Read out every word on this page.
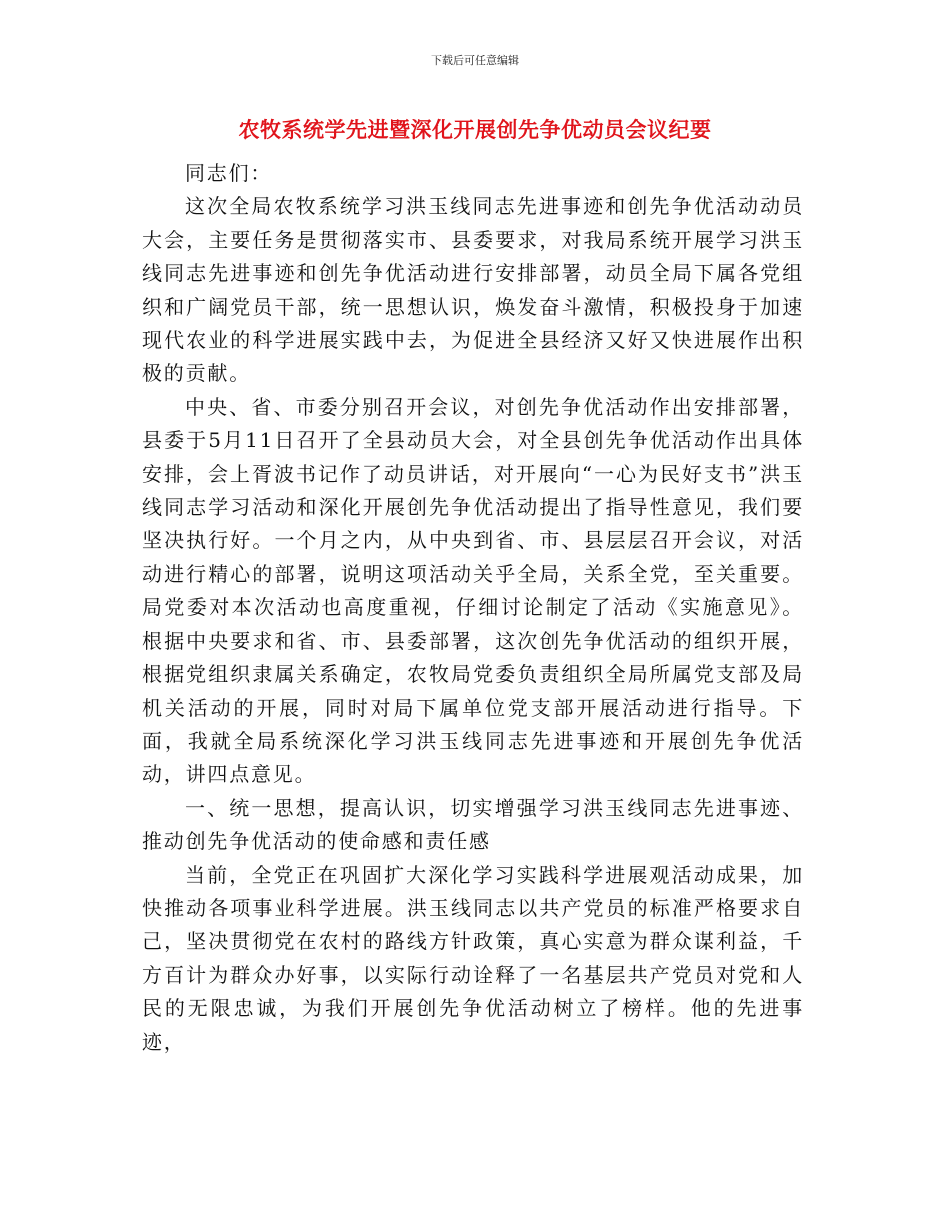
下载后可任意编辑
农牧系统学先进暨深化开展创先争优动员会议纪要

同志们：

这次全局农牧系统学习洪玉线同志先进事迹和创先争优活动动员大会，主要任务是贯彻落实市、县委要求，对我局系统开展学习洪玉线同志先进事迹和创先争优活动进行安排部署，动员全局下属各党组织和广阔党员干部，统一思想认识，焕发奋斗激情，积极投身于加速现代农业的科学进展实践中去，为促进全县经济又好又快进展作出积极的贡献。

中央、省、市委分别召开会议，对创先争优活动作出安排部署，县委于5月11日召开了全县动员大会，对全县创先争优活动作出具体安排，会上胥波书记作了动员讲话，对开展向“一心为民好支书”洪玉线同志学习活动和深化开展创先争优活动提出了指导性意见，我们要坚决执行好。一个月之内，从中央到省、市、县层层召开会议，对活动进行精心的部署，说明这项活动关乎全局，关系全党，至关重要。局党委对本次活动也高度重视，仔细讨论制定了活动《实施意见》。根据中央要求和省、市、县委部署，这次创先争优活动的组织开展，根据党组织隶属关系确定，农牧局党委负责组织全局所属党支部及局机关活动的开展，同时对局下属单位党支部开展活动进行指导。下面，我就全局系统深化学习洪玉线同志先进事迹和开展创先争优活动，讲四点意见。

一、统一思想，提高认识，切实增强学习洪玉线同志先进事迹、推动创先争优活动的使命感和责任感

当前，全党正在巩固扩大深化学习实践科学进展观活动成果，加快推动各项事业科学进展。洪玉线同志以共产党员的标准严格要求自己，坚决贯彻党在农村的路线方针政策，真心实意为群众谋利益，千方百计为群众办好事，以实际行动诠释了一名基层共产党员对党和人民的无限忠诚，为我们开展创先争优活动树立了榜样。他的先进事迹，
